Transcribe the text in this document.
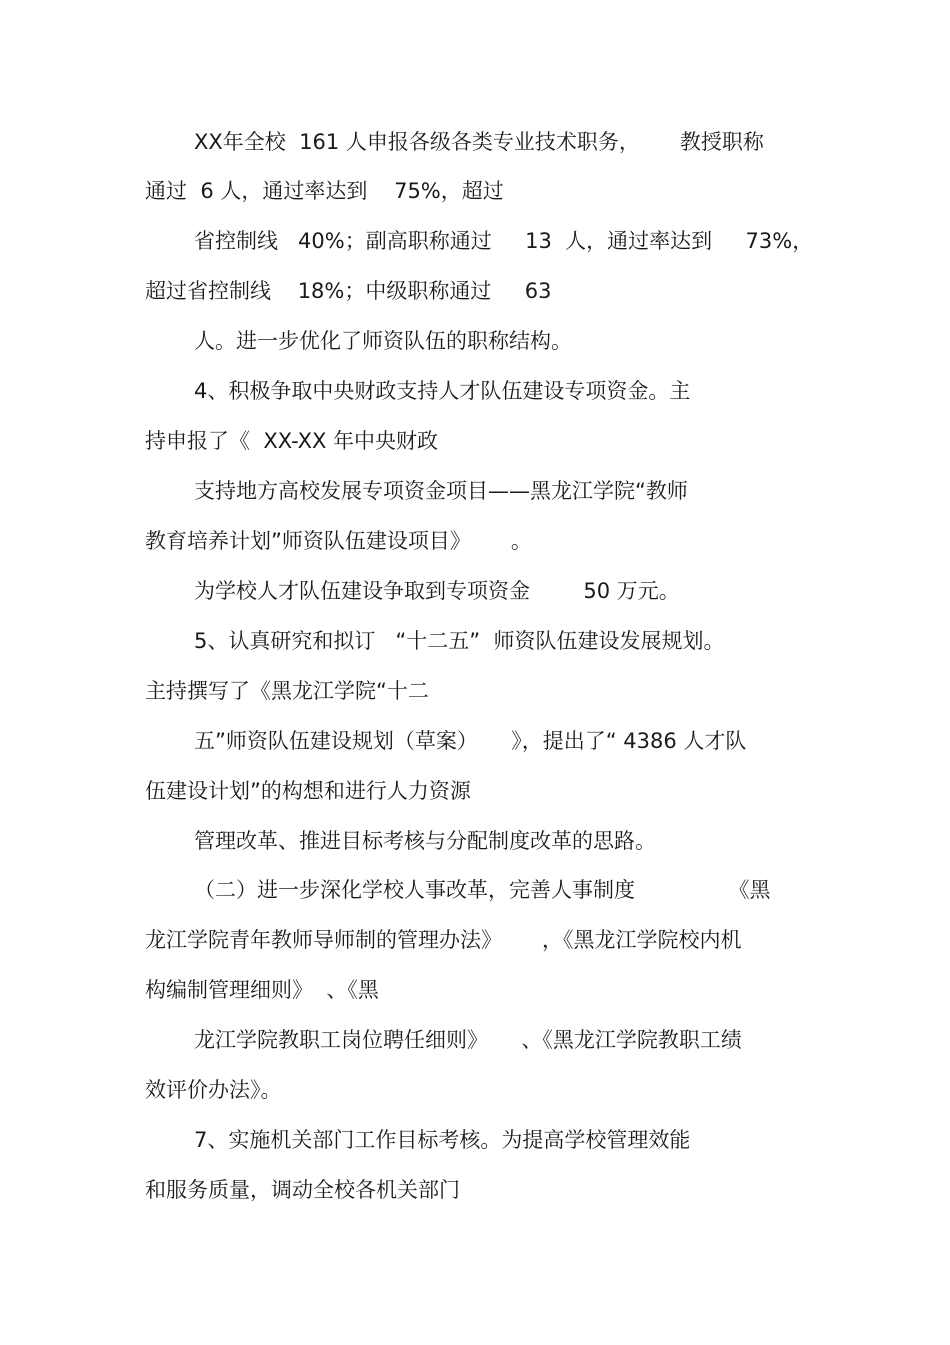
XX年全校  161 人申报各级各类专业技术职务，      教授职称
通过  6 人，通过率达到    75%，超过
省控制线   40%；副高职称通过     13  人，通过率达到     73%，
超过省控制线    18%；中级职称通过     63
人。进一步优化了师资队伍的职称结构。
4、积极争取中央财政支持人才队伍建设专项资金。主
持申报了《  XX-XX 年中央财政
支持地方高校发展专项资金项目——黑龙江学院“教师
教育培养计划”师资队伍建设项目》      。
为学校人才队伍建设争取到专项资金        50 万元。
5、认真研究和拟订   “十二五”  师资队伍建设发展规划。
主持撰写了《黑龙江学院“十二
五”师资队伍建设规划（草案）     》，提出了“ 4386 人才队
伍建设计划”的构想和进行人力资源
管理改革、推进目标考核与分配制度改革的思路。
（二）进一步深化学校人事改革，完善人事制度              《黑
龙江学院青年教师导师制的管理办法》      ，《黑龙江学院校内机
构编制管理细则》  、《黑
龙江学院教职工岗位聘任细则》     、《黑龙江学院教职工绩
效评价办法》。
7、实施机关部门工作目标考核。为提高学校管理效能
和服务质量，调动全校各机关部门
